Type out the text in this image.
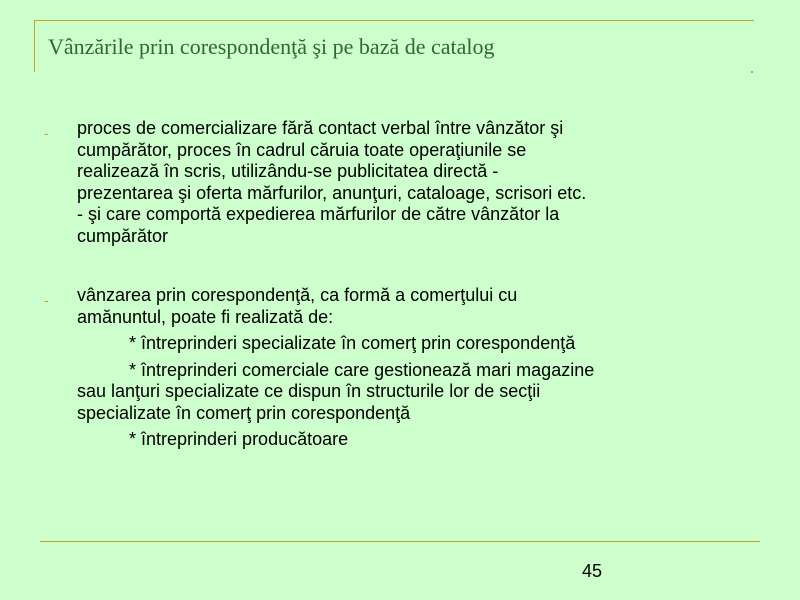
Vânzările prin corespondenţă şi pe bază de catalog
- proces de comercializare fără contact verbal între vânzător şi
cumpărător, proces în cadrul căruia toate operaţiunile se
realizează în scris, utilizându-se publicitatea directă -
prezentarea şi oferta mărfurilor, anunţuri, cataloage, scrisori etc.
- şi care comportă expedierea mărfurilor de către vânzător la
cumpărător
- vânzarea prin corespondenţă, ca formă a comerţului cu
amănuntul, poate fi realizată de:
* întreprinderi specializate în comerţ prin corespondenţă
* întreprinderi comerciale care gestionează mari magazine
sau lanţuri specializate ce dispun în structurile lor de secţii
specializate în comerţ prin corespondenţă
* întreprinderi producătoare
45
